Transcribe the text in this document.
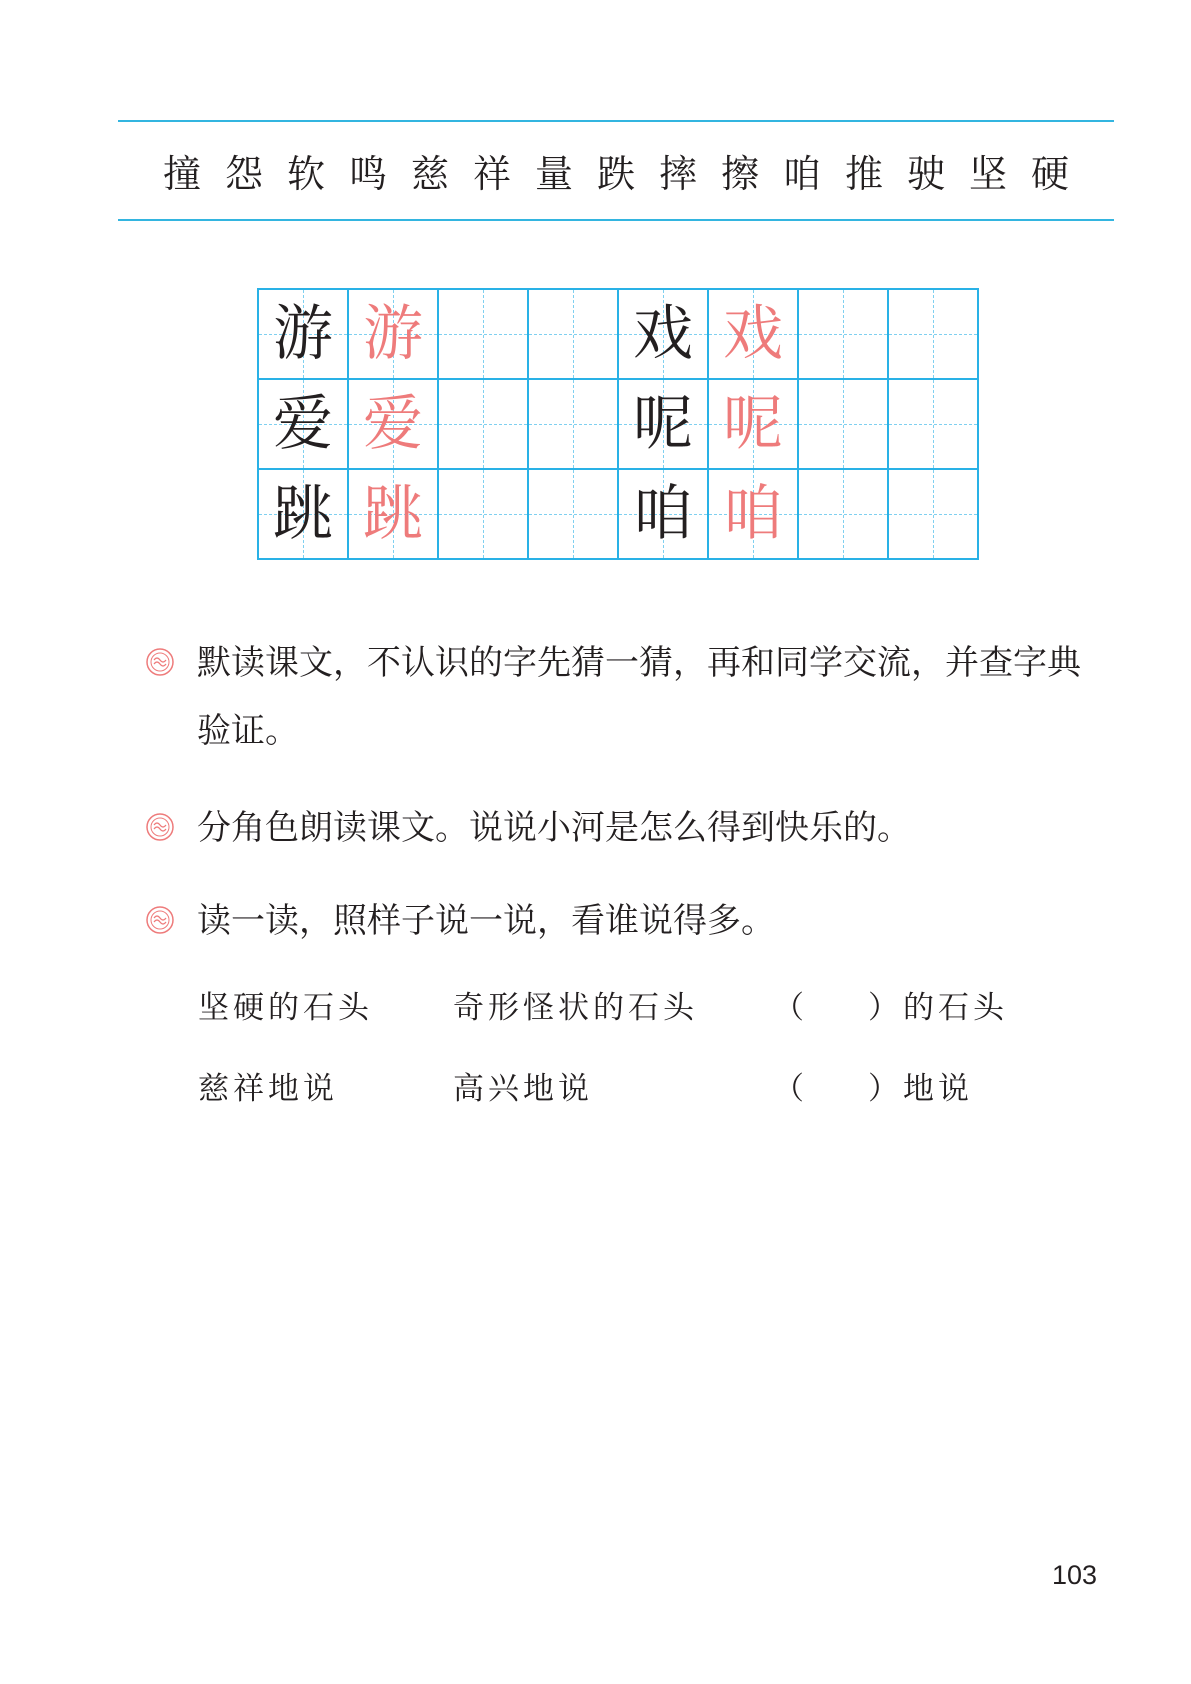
撞 怨 软 鸣 慈 祥 量 跌 摔 擦 咱 推 驶 坚 硬
游	游			戏	戏	

爱	爱			呢	呢	

跳	跳			咱	咱	

默读课文，不认识的字先猜一猜，再和同学交流，并查字典验证。
分角色朗读课文。说说小河是怎么得到快乐的。
读一读，照样子说一说，看谁说得多。
坚硬的石头	奇形怪状的石头 （ ）的石头
慈祥地说	高兴地说	（ ）地说
103
